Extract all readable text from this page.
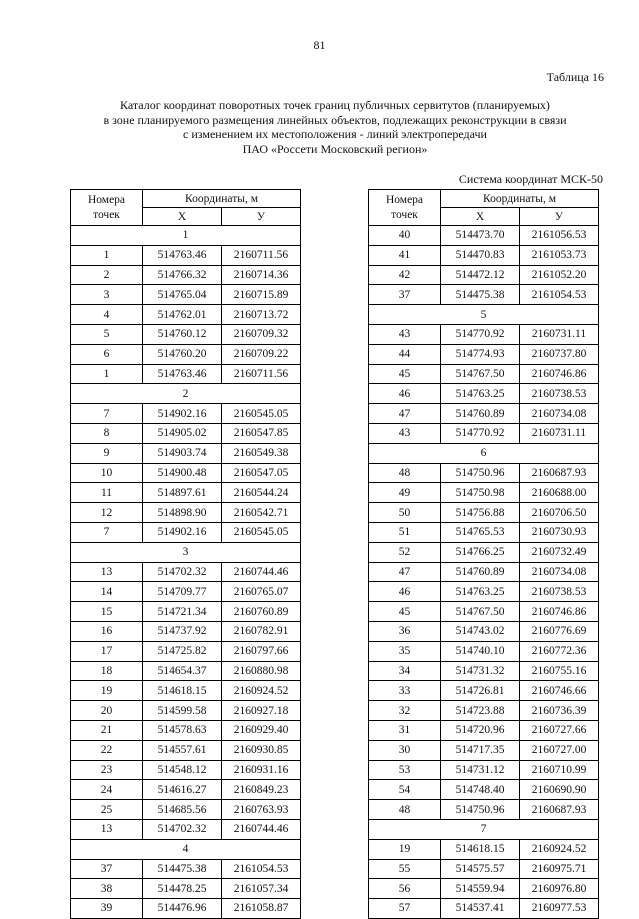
81
Таблица 16
Каталог координат поворотных точек границ публичных сервитутов (планируемых)
в зоне планируемого размещения линейных объектов, подлежащих реконструкции в связи
с изменением их местоположения - линий электропередачи
ПАО «Россети Московский регион»
Система координат МСК-50
Номера
точек	Координаты, м	
	X	У
1		
1	514763.46	2160711.56
2	514766.32	2160714.36
3	514765.04	2160715.89
4	514762.01	2160713.72
5	514760.12	2160709.32
6	514760.20	2160709.22
1	514763.46	2160711.56
2		
7	514902.16	2160545.05
8	514905.02	2160547.85
9	514903.74	2160549.38
10	514900.48	2160547.05
11	514897.61	2160544.24
12	514898.90	2160542.71
7	514902.16	2160545.05
3		
13	514702.32	2160744.46
14	514709.77	2160765.07
15	514721.34	2160760.89
16	514737.92	2160782.91
17	514725.82	2160797.66
18	514654.37	2160880.98
19	514618.15	2160924.52
20	514599.58	2160927.18
21	514578.63	2160929.40
22	514557.61	2160930.85
23	514548.12	2160931.16
24	514616.27	2160849.23
25	514685.56	2160763.93
13	514702.32	2160744.46
4		
37	514475.38	2161054.53
38	514478.25	2161057.34
39	514476.96	2161058.87
Номера
точек	Координаты, м	
	X	У
40	514473.70	2161056.53
41	514470.83	2161053.73
42	514472.12	2161052.20
37	514475.38	2161054.53
5		
43	514770.92	2160731.11
44	514774.93	2160737.80
45	514767.50	2160746.86
46	514763.25	2160738.53
47	514760.89	2160734.08
43	514770.92	2160731.11
6		
48	514750.96	2160687.93
49	514750.98	2160688.00
50	514756.88	2160706.50
51	514765.53	2160730.93
52	514766.25	2160732.49
47	514760.89	2160734.08
46	514763.25	2160738.53
45	514767.50	2160746.86
36	514743.02	2160776.69
35	514740.10	2160772.36
34	514731.32	2160755.16
33	514726.81	2160746.66
32	514723.88	2160736.39
31	514720.96	2160727.66
30	514717.35	2160727.00
53	514731.12	2160710.99
54	514748.40	2160690.90
48	514750.96	2160687.93
7		
19	514618.15	2160924.52
55	514575.57	2160975.71
56	514559.94	2160976.80
57	514537.41	2160977.53
